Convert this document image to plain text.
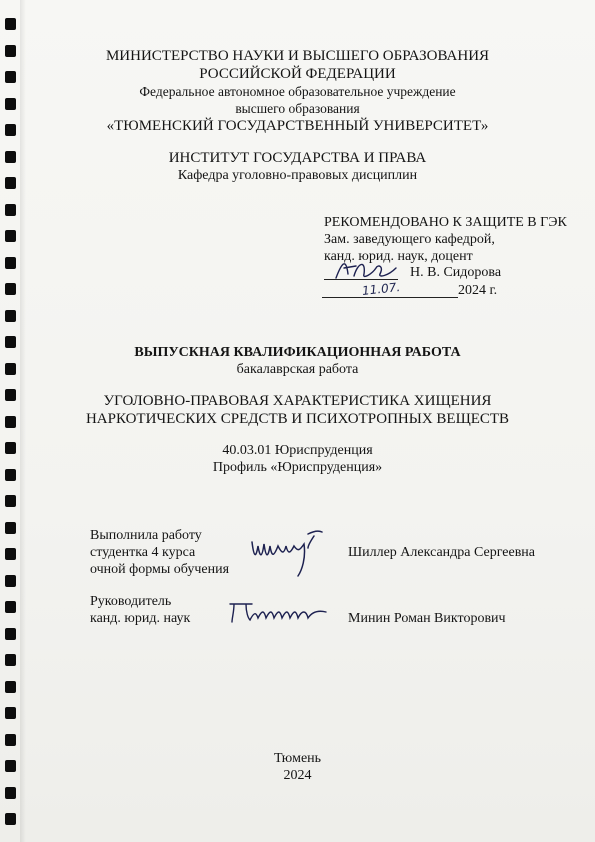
МИНИСТЕРСТВО НАУКИ И ВЫСШЕГО ОБРАЗОВАНИЯ
РОССИЙСКОЙ ФЕДЕРАЦИИ
Федеральное автономное образовательное учреждение
высшего образования
«ТЮМЕНСКИЙ ГОСУДАРСТВЕННЫЙ УНИВЕРСИТЕТ»
ИНСТИТУТ ГОСУДАРСТВА И ПРАВА
Кафедра уголовно-правовых дисциплин
РЕКОМЕНДОВАНО К ЗАЩИТЕ В ГЭК
Зам. заведующего кафедрой,
канд. юрид. наук, доцент
Н. В. Сидорова
11.07.	2024 г.
ВЫПУСКНАЯ КВАЛИФИКАЦИОННАЯ РАБОТА
бакалаврская работа
УГОЛОВНО-ПРАВОВАЯ ХАРАКТЕРИСТИКА ХИЩЕНИЯ
НАРКОТИЧЕСКИХ СРЕДСТВ И ПСИХОТРОПНЫХ ВЕЩЕСТВ
40.03.01 Юриспруденция
Профиль «Юриспруденция»
Выполнила работу
студентка 4 курса
очной формы обучения
Шиллер Александра Сергеевна
Руководитель
канд. юрид. наук	Минин Роман Викторович
Тюмень
2024
